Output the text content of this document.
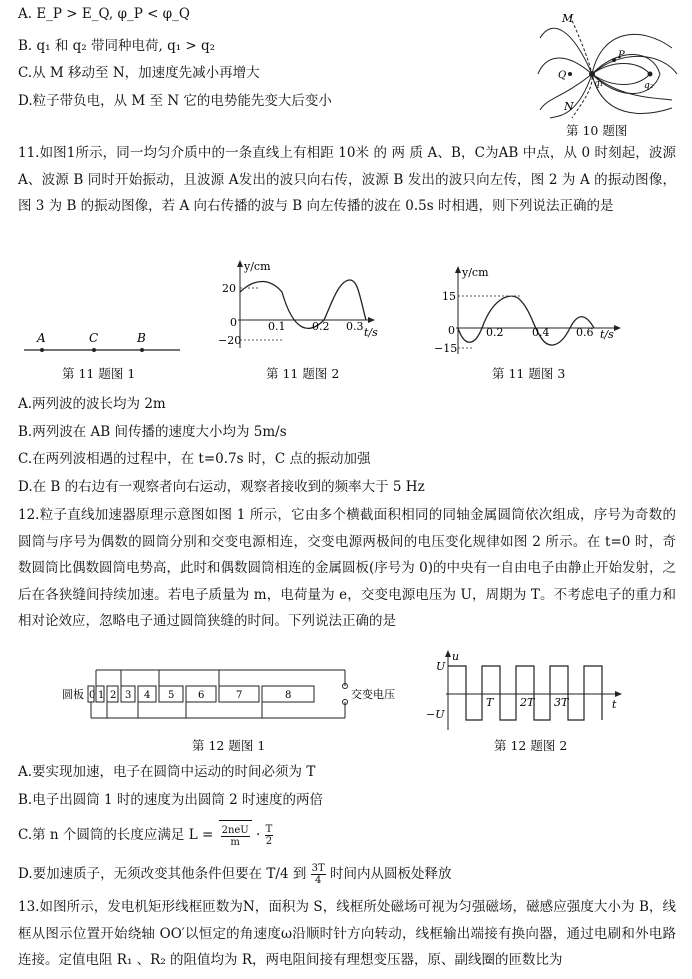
A. E_P > E_Q, φ_P < φ_Q
B. q₁ 和 q₂ 带同种电荷, q₁ > q₂
C.从 M 移动至 N，加速度先减小再增大
D.粒子带负电，从 M 至 N 它的电势能先变大后变小
M
N
P
Q
q₁	q₂
第 10 题图
11.如图1所示，同一均匀介质中的一条直线上有相距 10米 的 两 质 A、B，C为AB 中点，从 0 时刻起，波源 A、波源 B 同时开始振动，且波源 A发出的波只向右传，波源 B 发出的波只向左传，图 2 为 A 的振动图像，图 3 为 B 的振动图像，若 A 向右传播的波与 B 向左传播的波在 0.5s 时相遇，则下列说法正确的是
A	C	B
第 11 题图 1
y/cm
t/s
20
0
−20
0.1 0.2 0.3
第 11 题图 2
y/cm
t/s
15
0
−15
0.2	0.4 0.6
第 11 题图 3
A.两列波的波长均为 2m
B.两列波在 AB 间传播的速度大小均为 5m/s
C.在两列波相遇的过程中，在 t=0.7s 时，C 点的振动加强
D.在 B 的右边有一观察者向右运动，观察者接收到的频率大于 5 Hz
12.粒子直线加速器原理示意图如图 1 所示，它由多个横截面积相同的同轴金属圆筒依次组成，序号为奇数的圆筒与序号为偶数的圆筒分别和交变电源相连，交变电源两极间的电压变化规律如图 2 所示。在 t=0 时，奇数圆筒比偶数圆筒电势高，此时和偶数圆筒相连的金属圆板(序号为 0)的中央有一自由电子由静止开始发射，之后在各狭缝间持续加速。若电子质量为 m，电荷量为 e，交变电源电压为 U，周期为 T。不考虑电子的重力和相对论效应，忽略电子通过圆筒狭缝的时间。下列说法正确的是
圆板 0 1 2 3 4 5 6	7	8	交变电压
第 12 题图 1
u
t
U
−U
T 2T 3T
第 12 题图 2
A.要实现加速，电子在圆筒中运动的时间必须为 T
B.电子出圆筒 1 时的速度为出圆筒 2 时速度的两倍
C.第 n 个圆筒的长度应满足 $L = \frac{\text{2neU}}{m} \cdot \frac{T}{2}$
D.要加速质子，无须改变其他条件但要在 T/4 到 $\frac{3T}{4}$ 时间内从圆板处释放
13.如图所示，发电机矩形线框匝数为N，面积为 S，线框所处磁场可视为匀强磁场，磁感应强度大小为 B，线框从图示位置开始绕轴 OO′以恒定的角速度ω沿顺时针方向转动，线框输出端接有换向器，通过电刷和外电路连接。定值电阻 R₁ 、R₂ 的阻值均为 R，两电阻间接有理想变压器，原、副线圈的匝数比为
